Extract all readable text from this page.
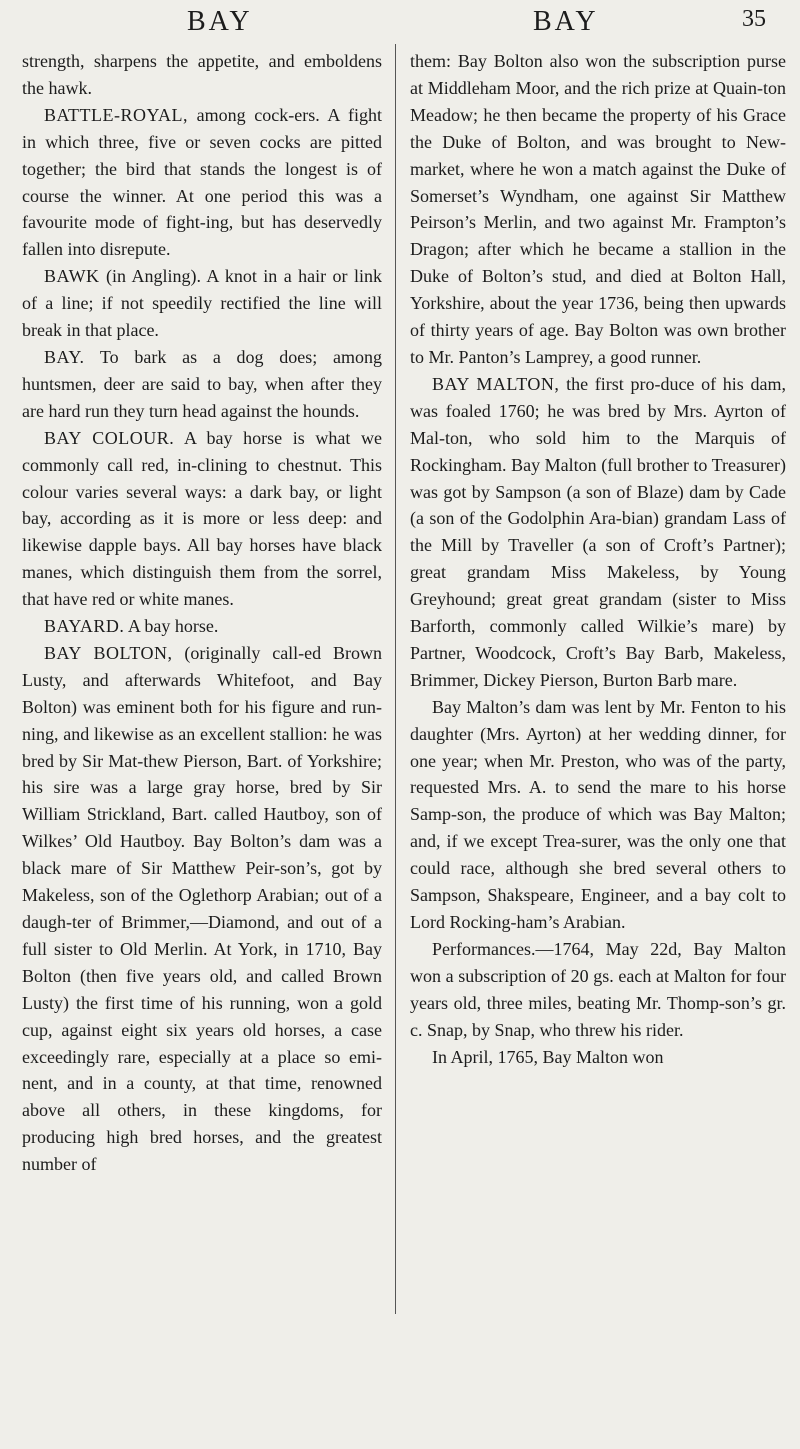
BAY	BAY	35

strength, sharpens the appetite, and emboldens the hawk.

BATTLE-ROYAL, among cock-ers. A fight in which three, five or seven cocks are pitted together; the bird that stands the longest is of course the winner. At one period this was a favourite mode of fight-ing, but has deservedly fallen into disrepute.

BAWK (in Angling). A knot in a hair or link of a line; if not speedily rectified the line will break in that place.

BAY. To bark as a dog does; among huntsmen, deer are said to bay, when after they are hard run they turn head against the hounds.

BAY COLOUR. A bay horse is what we commonly call red, in-clining to chestnut. This colour varies several ways: a dark bay, or light bay, according as it is more or less deep: and likewise dapple bays. All bay horses have black manes, which distinguish them from the sorrel, that have red or white manes.

BAYARD. A bay horse.

BAY BOLTON, (originally call-ed Brown Lusty, and afterwards Whitefoot, and Bay Bolton) was eminent both for his figure and run-ning, and likewise as an excellent stallion: he was bred by Sir Mat-thew Pierson, Bart. of Yorkshire; his sire was a large gray horse, bred by Sir William Strickland, Bart. called Hautboy, son of Wilkes’ Old Hautboy. Bay Bolton’s dam was a black mare of Sir Matthew Peir-son’s, got by Makeless, son of the Oglethorp Arabian; out of a daugh-ter of Brimmer,—Diamond, and out of a full sister to Old Merlin. At York, in 1710, Bay Bolton (then five years old, and called Brown Lusty) the first time of his running, won a gold cup, against eight six years old horses, a case exceedingly rare, especially at a place so emi-nent, and in a county, at that time, renowned above all others, in these kingdoms, for producing high bred horses, and the greatest number of

them: Bay Bolton also won the subscription purse at Middleham Moor, and the rich prize at Quain-ton Meadow; he then became the property of his Grace the Duke of Bolton, and was brought to New-market, where he won a match against the Duke of Somerset’s Wyndham, one against Sir Matthew Peirson’s Merlin, and two against Mr. Frampton’s Dragon; after which he became a stallion in the Duke of Bolton’s stud, and died at Bolton Hall, Yorkshire, about the year 1736, being then upwards of thirty years of age. Bay Bolton was own brother to Mr. Panton’s Lamprey, a good runner.

BAY MALTON, the first pro-duce of his dam, was foaled 1760; he was bred by Mrs. Ayrton of Mal-ton, who sold him to the Marquis of Rockingham. Bay Malton (full brother to Treasurer) was got by Sampson (a son of Blaze) dam by Cade (a son of the Godolphin Ara-bian) grandam Lass of the Mill by Traveller (a son of Croft’s Partner); great grandam Miss Makeless, by Young Greyhound; great great grandam (sister to Miss Barforth, commonly called Wilkie’s mare) by Partner, Woodcock, Croft’s Bay Barb, Makeless, Brimmer, Dickey Pierson, Burton Barb mare.

Bay Malton’s dam was lent by Mr. Fenton to his daughter (Mrs. Ayrton) at her wedding dinner, for one year; when Mr. Preston, who was of the party, requested Mrs. A. to send the mare to his horse Samp-son, the produce of which was Bay Malton; and, if we except Trea-surer, was the only one that could race, although she bred several others to Sampson, Shakspeare, Engineer, and a bay colt to Lord Rocking-ham’s Arabian.

Performances.—1764, May 22d, Bay Malton won a subscription of 20 gs. each at Malton for four years old, three miles, beating Mr. Thomp-son’s gr. c. Snap, by Snap, who threw his rider.

In April, 1765, Bay Malton won
